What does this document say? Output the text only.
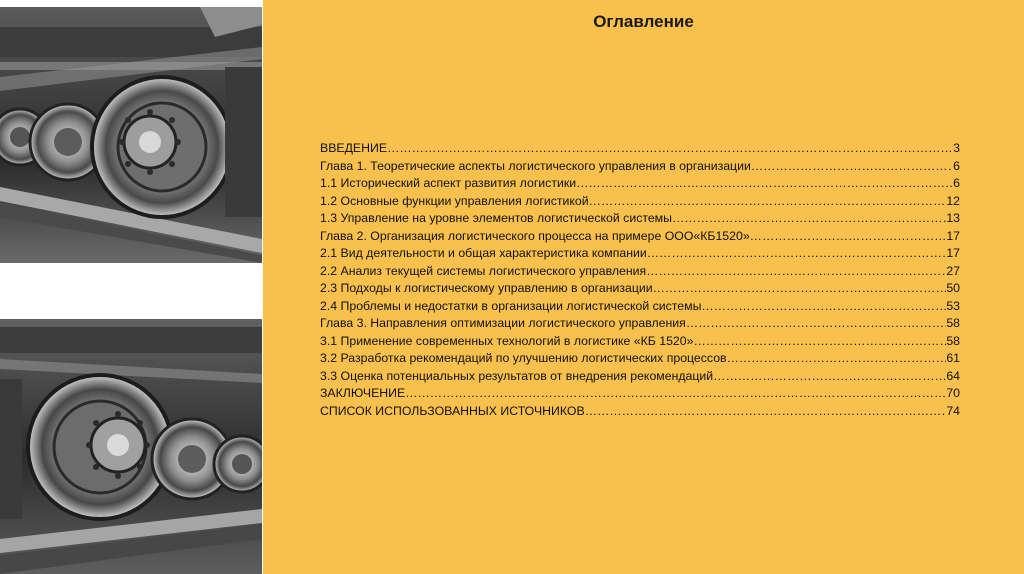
Оглавление
ВВЕДЕНИЕ ……………………………………………………………………………………………………………………………………………………………………………………………………………	3
Глава 1. Теоретические аспекты логистического управления в организации ……………………………………………………………………………………………………………………………………………………………………………………………………………	6
1.1 Исторический аспект развития логистики ……………………………………………………………………………………………………………………………………………………………………………………………………………	6
1.2 Основные функции управления логистикой ……………………………………………………………………………………………………………………………………………………………………………………………………………	12
1.3 Управление на уровне элементов логистической системы ……………………………………………………………………………………………………………………………………………………………………………………………………………	13
Глава 2. Организация логистического процесса на примере ООО«КБ1520» ……………………………………………………………………………………………………………………………………………………………………………………………………………	17
2.1 Вид деятельности и общая характеристика компании ……………………………………………………………………………………………………………………………………………………………………………………………………………	17
2.2 Анализ текущей системы логистического управления ……………………………………………………………………………………………………………………………………………………………………………………………………………	27
2.3 Подходы к логистическому управлению в организации ……………………………………………………………………………………………………………………………………………………………………………………………………………	50
2.4 Проблемы и недостатки в организации логистической системы ……………………………………………………………………………………………………………………………………………………………………………………………………………	53
Глава 3. Направления оптимизации логистического управления ……………………………………………………………………………………………………………………………………………………………………………………………………………	58
3.1 Применение современных технологий в логистике «КБ 1520» ……………………………………………………………………………………………………………………………………………………………………………………………………………	58
3.2 Разработка рекомендаций по улучшению логистических процессов ……………………………………………………………………………………………………………………………………………………………………………………………………………	61
3.3 Оценка потенциальных результатов от внедрения рекомендаций ……………………………………………………………………………………………………………………………………………………………………………………………………………	64
ЗАКЛЮЧЕНИЕ ……………………………………………………………………………………………………………………………………………………………………………………………………………	70
СПИСОК ИСПОЛЬЗОВАННЫХ ИСТОЧНИКОВ ……………………………………………………………………………………………………………………………………………………………………………………………………………	74
